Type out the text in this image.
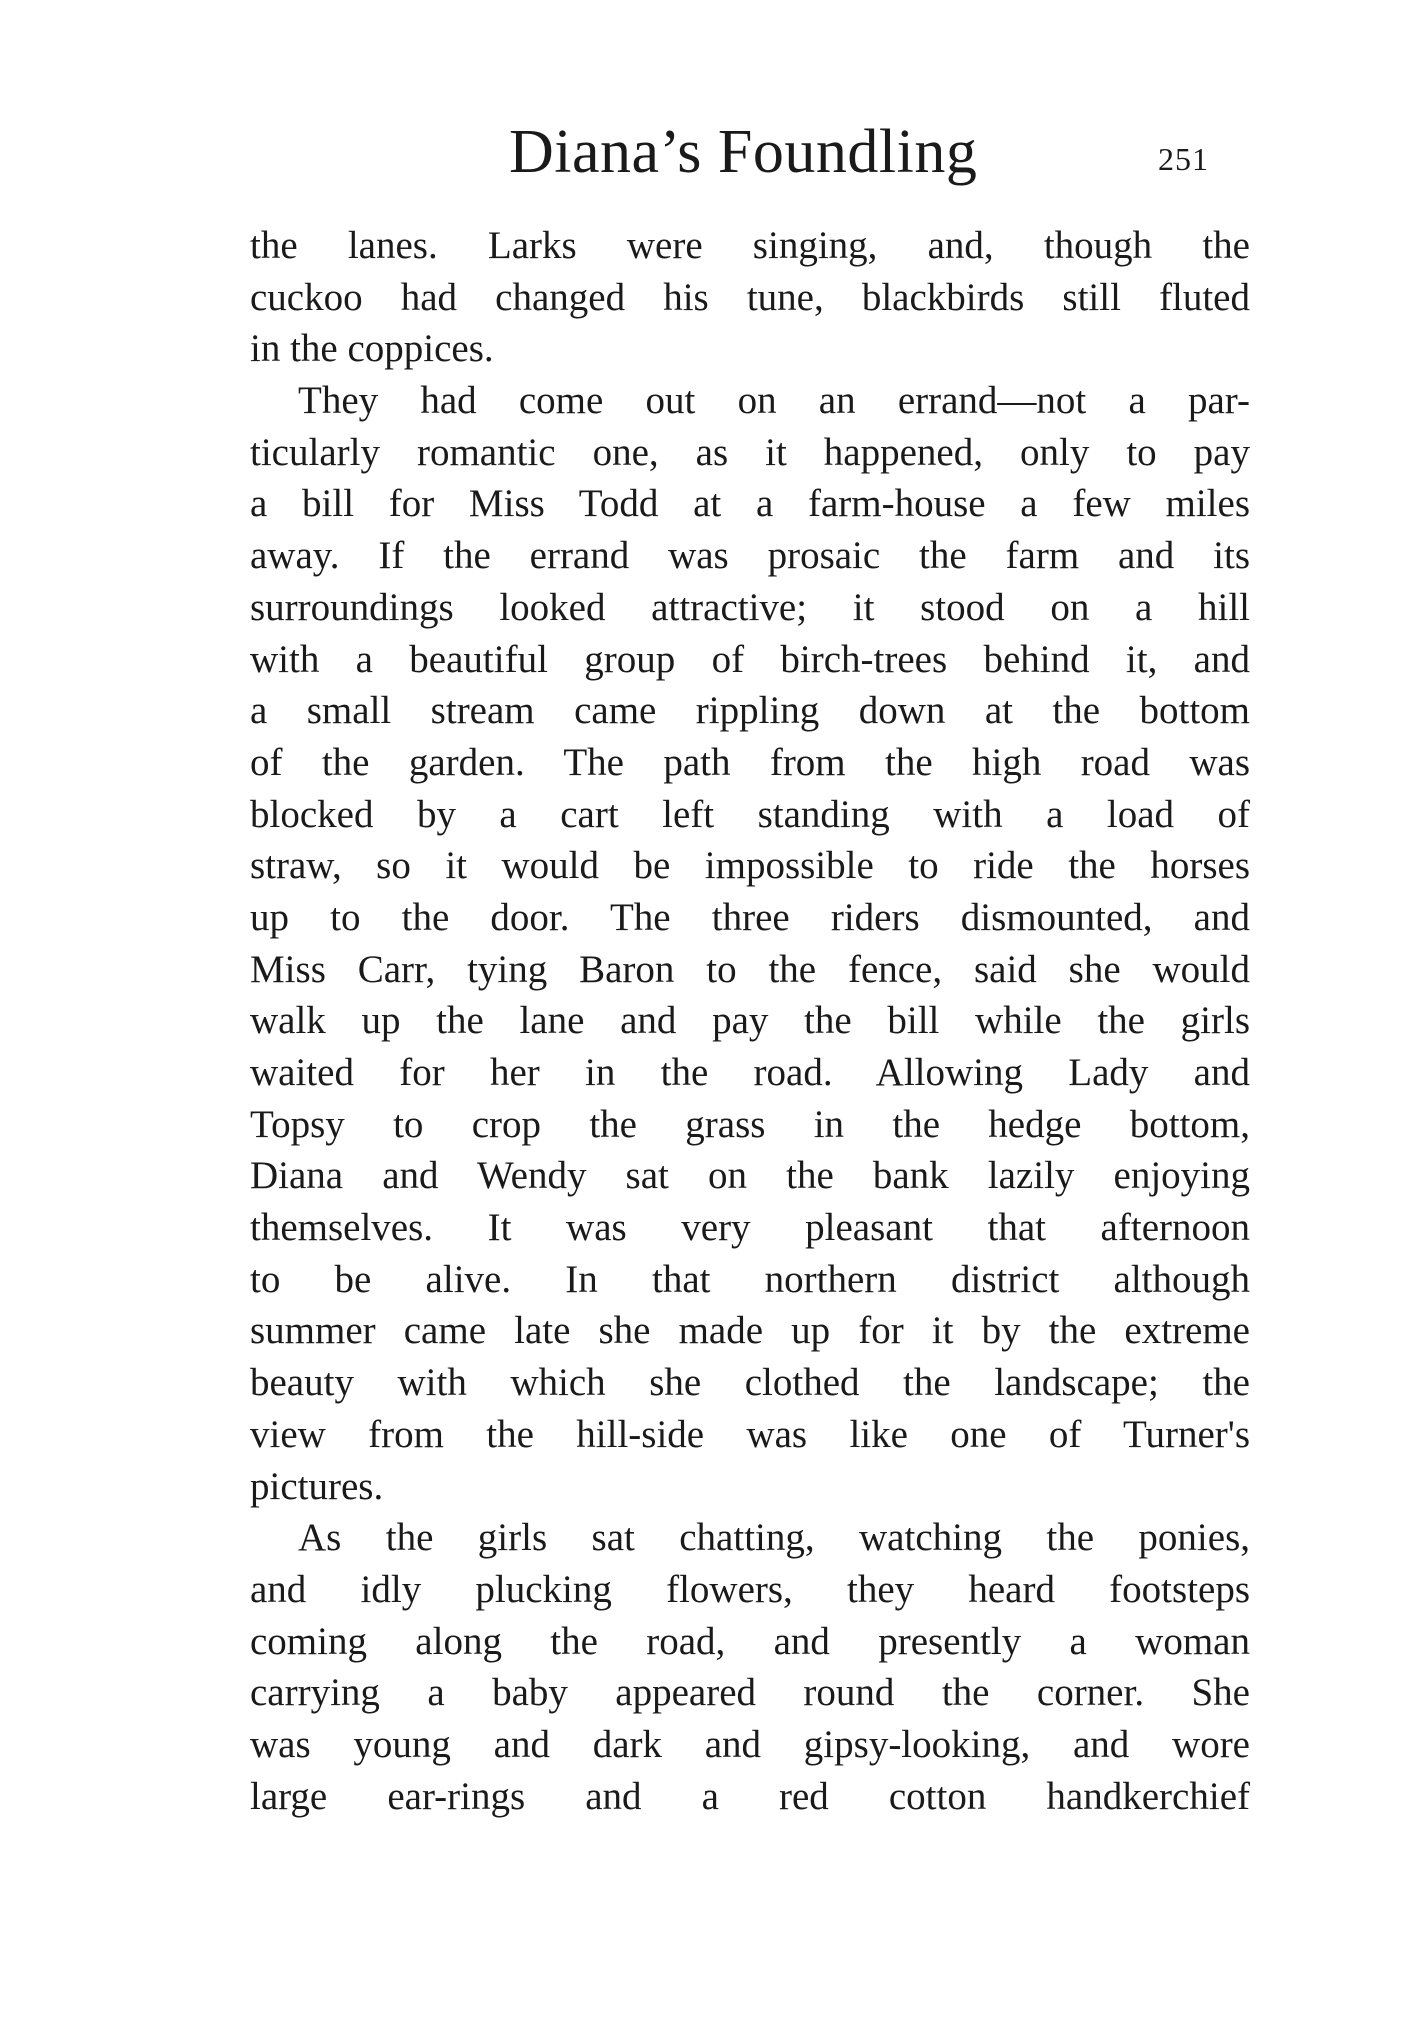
Diana’s Foundling	251
the lanes. Larks were singing, and, though the
cuckoo had changed his tune, blackbirds still fluted
in the coppices.
They had come out on an errand—not a par-
ticularly romantic one, as it happened, only to pay
a bill for Miss Todd at a farm-house a few miles
away. If the errand was prosaic the farm and its
surroundings looked attractive; it stood on a hill
with a beautiful group of birch-trees behind it, and
a small stream came rippling down at the bottom
of the garden. The path from the high road was
blocked by a cart left standing with a load of
straw, so it would be impossible to ride the horses
up to the door. The three riders dismounted, and
Miss Carr, tying Baron to the fence, said she would
walk up the lane and pay the bill while the girls
waited for her in the road. Allowing Lady and
Topsy to crop the grass in the hedge bottom,
Diana and Wendy sat on the bank lazily enjoying
themselves. It was very pleasant that afternoon
to be alive. In that northern district although
summer came late she made up for it by the extreme
beauty with which she clothed the landscape; the
view from the hill-side was like one of Turner's
pictures.
As the girls sat chatting, watching the ponies,
and idly plucking flowers, they heard footsteps
coming along the road, and presently a woman
carrying a baby appeared round the corner. She
was young and dark and gipsy-looking, and wore
large ear-rings and a red cotton handkerchief
